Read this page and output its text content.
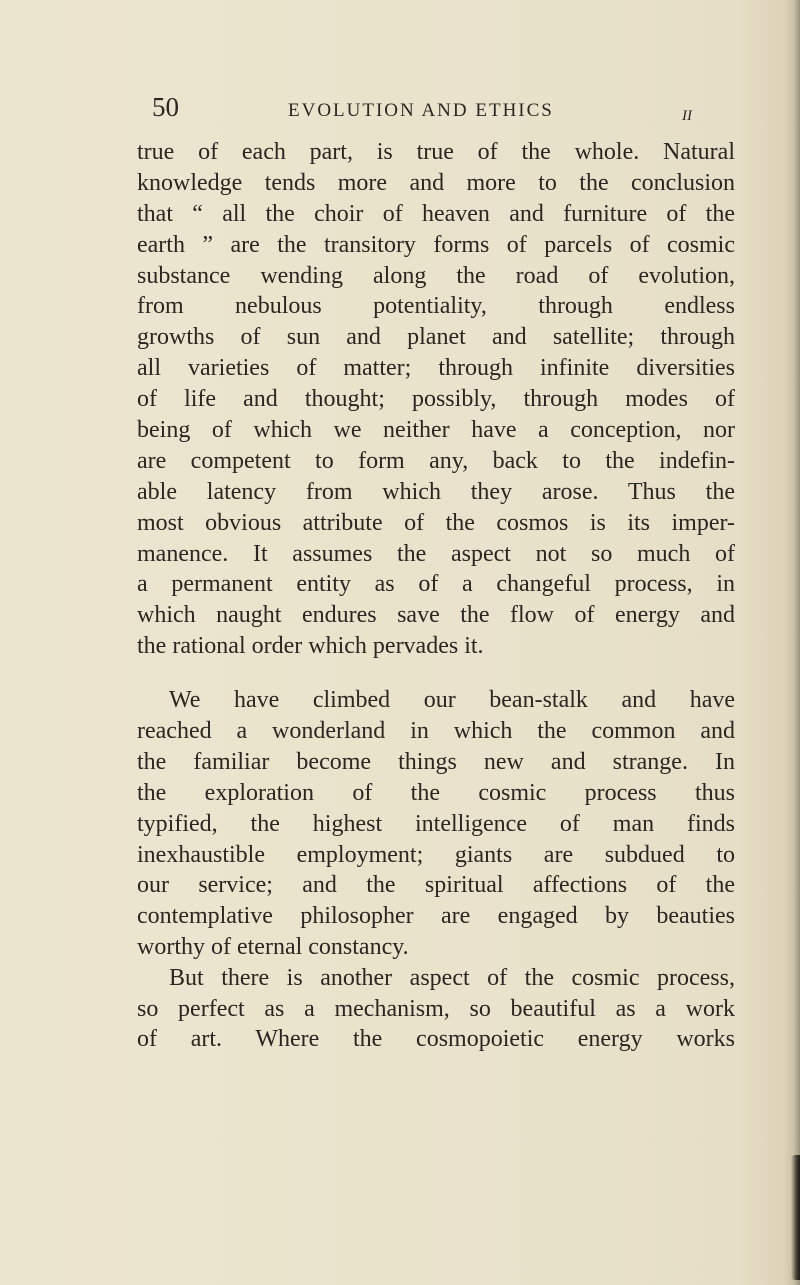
50	EVOLUTION AND ETHICS	II
true of each part, is true of the whole. Natural
knowledge tends more and more to the conclusion
that “ all the choir of heaven and furniture of the
earth ” are the transitory forms of parcels of cosmic
substance wending along the road of evolution,
from nebulous potentiality, through endless
growths of sun and planet and satellite; through
all varieties of matter; through infinite diversities
of life and thought; possibly, through modes of
being of which we neither have a conception, nor
are competent to form any, back to the indefin-
able latency from which they arose. Thus the
most obvious attribute of the cosmos is its imper-
manence. It assumes the aspect not so much of
a permanent entity as of a changeful process, in
which naught endures save the flow of energy and
the rational order which pervades it.
We have climbed our bean-stalk and have
reached a wonderland in which the common and
the familiar become things new and strange. In
the exploration of the cosmic process thus
typified, the highest intelligence of man finds
inexhaustible employment; giants are subdued to
our service; and the spiritual affections of the
contemplative philosopher are engaged by beauties
worthy of eternal constancy.
But there is another aspect of the cosmic process,
so perfect as a mechanism, so beautiful as a work
of art. Where the cosmopoietic energy works
